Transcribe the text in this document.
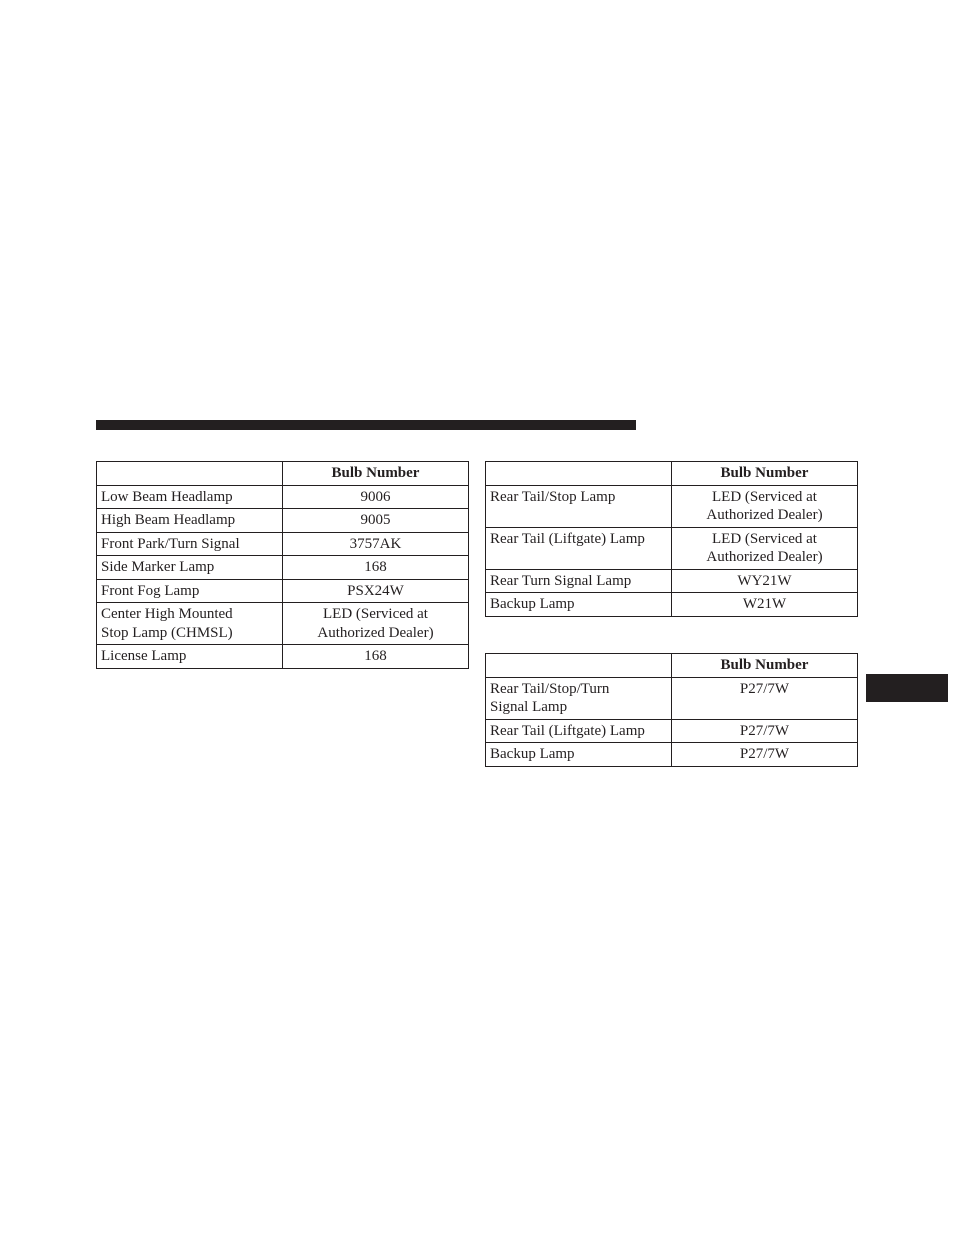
	Bulb Number
Low Beam Headlamp	9006
High Beam Headlamp	9005
Front Park/Turn Signal	3757AK
Side Marker Lamp	168
Front Fog Lamp	PSX24W
Center High Mounted
Stop Lamp (CHMSL)	LED (Serviced at
Authorized Dealer)
License Lamp	168
	Bulb Number
Rear Tail/Stop Lamp	LED (Serviced at
Authorized Dealer)
Rear Tail (Liftgate) Lamp	LED (Serviced at
Authorized Dealer)
Rear Turn Signal Lamp	WY21W
Backup Lamp	W21W
	Bulb Number
Rear Tail/Stop/Turn
Signal Lamp	P27/7W
Rear Tail (Liftgate) Lamp	P27/7W
Backup Lamp	P27/7W
